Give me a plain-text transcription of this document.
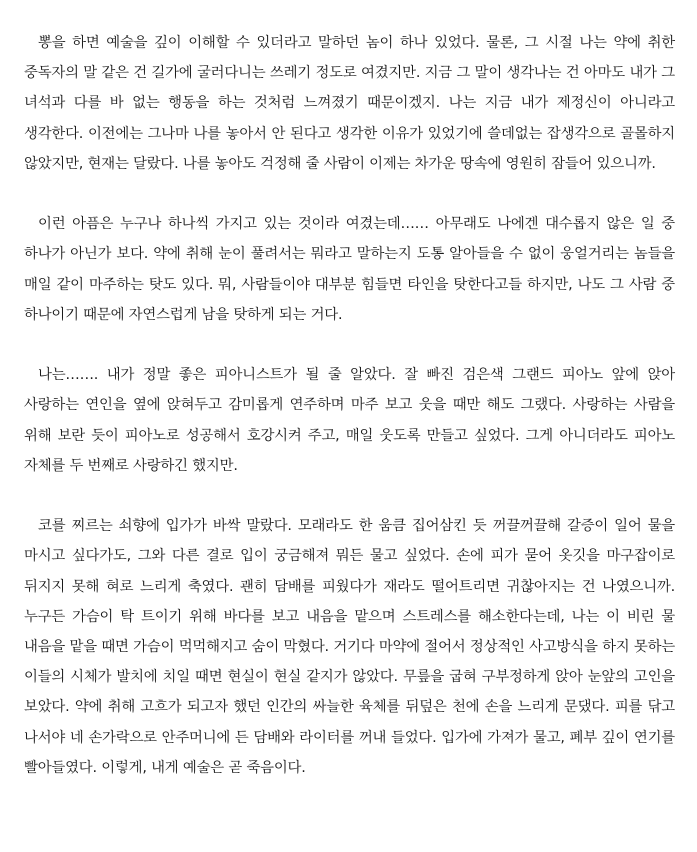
뽕을 하면 예술을 깊이 이해할 수 있더라고 말하던 놈이 하나 있었다. 물론, 그 시절 나는 약에 취한 중독자의 말 같은 건 길가에 굴러다니는 쓰레기 정도로 여겼지만. 지금 그 말이 생각나는 건 아마도 내가 그 녀석과 다를 바 없는 행동을 하는 것처럼 느껴졌기 때문이겠지. 나는 지금 내가 제정신이 아니라고 생각한다. 이전에는 그나마 나를 놓아서 안 된다고 생각한 이유가 있었기에 쓸데없는 잡생각으로 골몰하지 않았지만, 현재는 달랐다. 나를 놓아도 걱정해 줄 사람이 이제는 차가운 땅속에 영원히 잠들어 있으니까.

이런 아픔은 누구나 하나씩 가지고 있는 것이라 여겼는데…… 아무래도 나에겐 대수롭지 않은 일 중 하나가 아닌가 보다. 약에 취해 눈이 풀려서는 뭐라고 말하는지 도통 알아들을 수 없이 웅얼거리는 놈들을 매일 같이 마주하는 탓도 있다. 뭐, 사람들이야 대부분 힘들면 타인을 탓한다고들 하지만, 나도 그 사람 중 하나이기 때문에 자연스럽게 남을 탓하게 되는 거다.

나는……. 내가 정말 좋은 피아니스트가 될 줄 알았다. 잘 빠진 검은색 그랜드 피아노 앞에 앉아 사랑하는 연인을 옆에 앉혀두고 감미롭게 연주하며 마주 보고 웃을 때만 해도 그랬다. 사랑하는 사람을 위해 보란 듯이 피아노로 성공해서 호강시켜 주고, 매일 웃도록 만들고 싶었다. 그게 아니더라도 피아노 자체를 두 번째로 사랑하긴 했지만.

코를 찌르는 쇠향에 입가가 바싹 말랐다. 모래라도 한 움큼 집어삼킨 듯 꺼끌꺼끌해 갈증이 일어 물을 마시고 싶다가도, 그와 다른 결로 입이 궁금해져 뭐든 물고 싶었다. 손에 피가 묻어 옷깃을 마구잡이로 뒤지지 못해 혀로 느리게 축였다. 괜히 담배를 피웠다가 재라도 떨어트리면 귀찮아지는 건 나였으니까. 누구든 가슴이 탁 트이기 위해 바다를 보고 내음을 맡으며 스트레스를 해소한다는데, 나는 이 비린 물 내음을 맡을 때면 가슴이 먹먹해지고 숨이 막혔다. 거기다 마약에 절어서 정상적인 사고방식을 하지 못하는 이들의 시체가 발치에 치일 때면 현실이 현실 같지가 않았다. 무릎을 굽혀 구부정하게 앉아 눈앞의 고인을 보았다. 약에 취해 고흐가 되고자 했던 인간의 싸늘한 육체를 뒤덮은 천에 손을 느리게 문댔다. 피를 닦고 나서야 네 손가락으로 안주머니에 든 담배와 라이터를 꺼내 들었다. 입가에 가져가 물고, 폐부 깊이 연기를 빨아들였다. 이렇게, 내게 예술은 곧 죽음이다.
